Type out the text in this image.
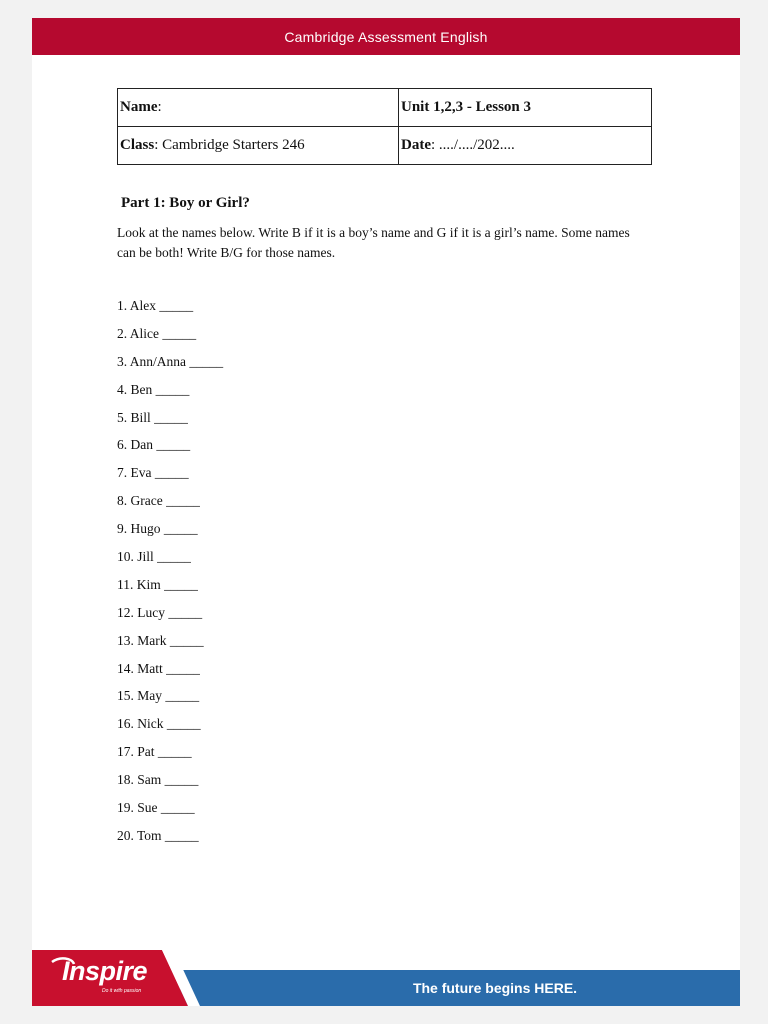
Cambridge Assessment English
Name:	Unit 1,2,3 - Lesson 3
Class: Cambridge Starters 246	Date: ..../..../202....
Part 1: Boy or Girl?
Look at the names below. Write B if it is a boy’s name and G if it is a girl’s name. Some names can be both! Write B/G for those names.
1. Alex _____
2. Alice _____
3. Ann/Anna _____
4. Ben _____
5. Bill _____
6. Dan _____
7. Eva _____
8. Grace _____
9. Hugo _____
10. Jill _____
11. Kim _____
12. Lucy _____
13. Mark _____
14. Matt _____
15. May _____
16. Nick _____
17. Pat _____
18. Sam _____
19. Sue _____
20. Tom _____
The future begins HERE.
Inspire
Do it with passion
